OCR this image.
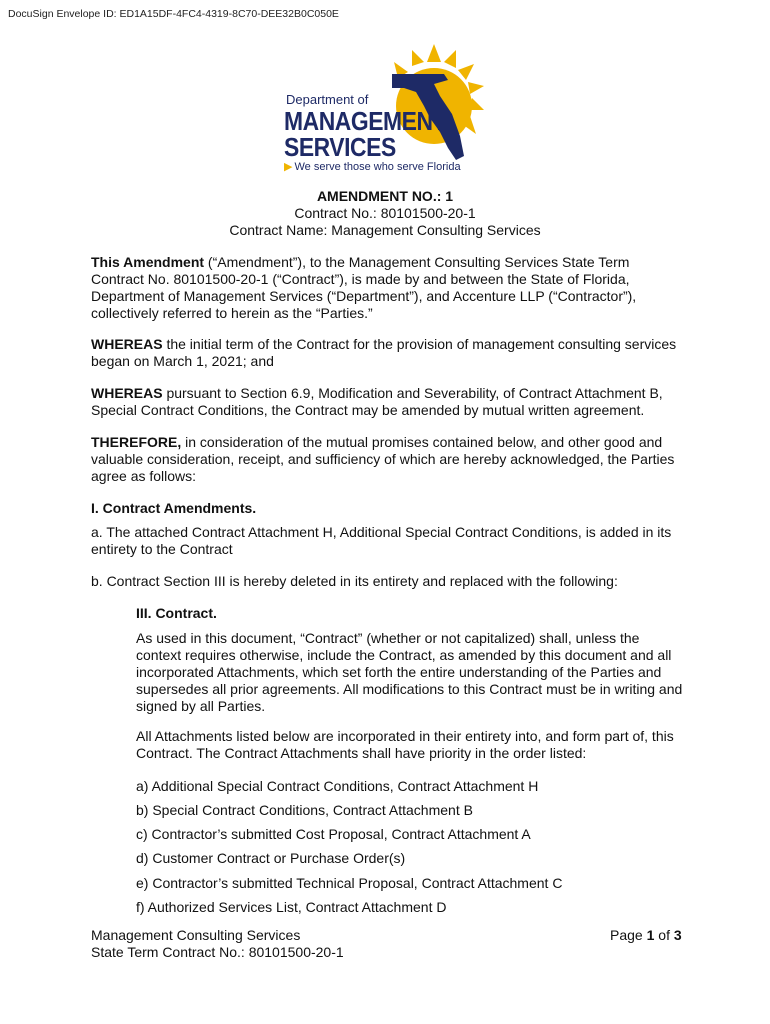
DocuSign Envelope ID: ED1A15DF-4FC4-4319-8C70-DEE32B0C050E
Department of
MANAGEMENT
SERVICES
▶ We serve those who serve Florida
AMENDMENT NO.: 1
Contract No.: 80101500-20-1
Contract Name: Management Consulting Services
This Amendment (“Amendment”), to the Management Consulting Services State Term Contract No. 80101500-20-1 (“Contract”), is made by and between the State of Florida, Department of Management Services (“Department”), and Accenture LLP (“Contractor”), collectively referred to herein as the “Parties.”
WHEREAS the initial term of the Contract for the provision of management consulting services began on March 1, 2021; and
WHEREAS pursuant to Section 6.9, Modification and Severability, of Contract Attachment B, Special Contract Conditions, the Contract may be amended by mutual written agreement.
THEREFORE, in consideration of the mutual promises contained below, and other good and valuable consideration, receipt, and sufficiency of which are hereby acknowledged, the Parties agree as follows:
I. Contract Amendments.
a. The attached Contract Attachment H, Additional Special Contract Conditions, is added in its entirety to the Contract
b. Contract Section III is hereby deleted in its entirety and replaced with the following:
III. Contract.
As used in this document, “Contract” (whether or not capitalized) shall, unless the context requires otherwise, include the Contract, as amended by this document and all incorporated Attachments, which set forth the entire understanding of the Parties and supersedes all prior agreements. All modifications to this Contract must be in writing and signed by all Parties.
All Attachments listed below are incorporated in their entirety into, and form part of, this Contract. The Contract Attachments shall have priority in the order listed:
a) Additional Special Contract Conditions, Contract Attachment H
b) Special Contract Conditions, Contract Attachment B
c) Contractor’s submitted Cost Proposal, Contract Attachment A
d) Customer Contract or Purchase Order(s)
e) Contractor’s submitted Technical Proposal, Contract Attachment C
f) Authorized Services List, Contract Attachment D
Management Consulting Services
State Term Contract No.: 80101500-20-1
Page 1 of 3
